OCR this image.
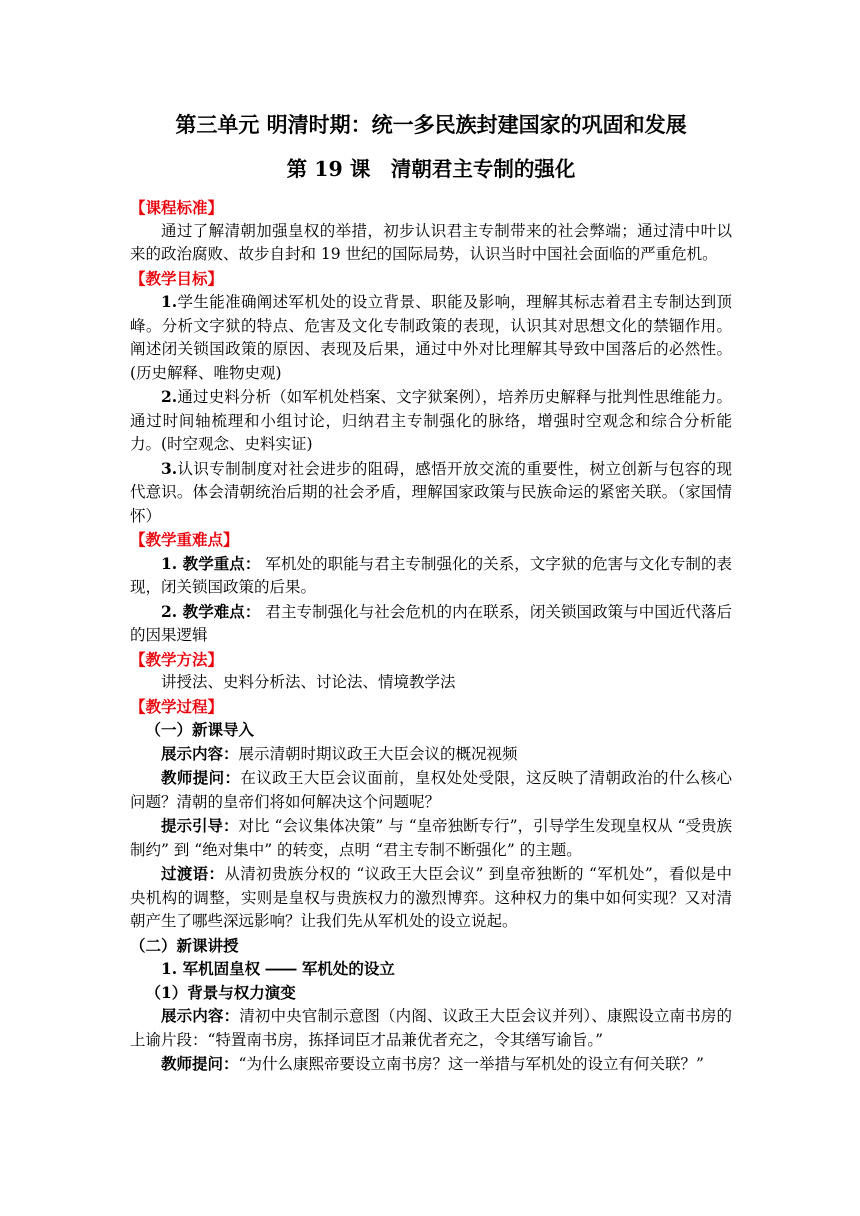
第三单元 明清时期：统一多民族封建国家的巩固和发展
第 19 课　清朝君主专制的强化

【课程标准】

通过了解清朝加强皇权的举措，初步认识君主专制带来的社会弊端；通过清中叶以来的政治腐败、故步自封和 19 世纪的国际局势，认识当时中国社会面临的严重危机。

【教学目标】

1.学生能准确阐述军机处的设立背景、职能及影响，理解其标志着君主专制达到顶峰。分析文字狱的特点、危害及文化专制政策的表现，认识其对思想文化的禁锢作用。阐述闭关锁国政策的原因、表现及后果，通过中外对比理解其导致中国落后的必然性。(历史解释、唯物史观)

2.通过史料分析（如军机处档案、文字狱案例），培养历史解释与批判性思维能力。通过时间轴梳理和小组讨论，归纳君主专制强化的脉络，增强时空观念和综合分析能力。(时空观念、史料实证)

3.认识专制制度对社会进步的阻碍，感悟开放交流的重要性，树立创新与包容的现代意识。体会清朝统治后期的社会矛盾，理解国家政策与民族命运的紧密关联。（家国情怀）

【教学重难点】

1. 教学重点： 军机处的职能与君主专制强化的关系，文字狱的危害与文化专制的表现，闭关锁国政策的后果。

2. 教学难点： 君主专制强化与社会危机的内在联系，闭关锁国政策与中国近代落后的因果逻辑

【教学方法】

讲授法、史料分析法、讨论法、情境教学法

【教学过程】

（一）新课导入

展示内容：展示清朝时期议政王大臣会议的概况视频

教师提问：在议政王大臣会议面前，皇权处处受限，这反映了清朝政治的什么核心问题？清朝的皇帝们将如何解决这个问题呢？

提示引导：对比 “会议集体决策” 与 “皇帝独断专行”，引导学生发现皇权从 “受贵族制约” 到 “绝对集中” 的转变，点明 “君主专制不断强化” 的主题。

过渡语：从清初贵族分权的 “议政王大臣会议” 到皇帝独断的 “军机处”，看似是中央机构的调整，实则是皇权与贵族权力的激烈博弈。这种权力的集中如何实现？又对清朝产生了哪些深远影响？让我们先从军机处的设立说起。

（二）新课讲授

1. 军机固皇权 ―― 军机处的设立

（1）背景与权力演变

展示内容：清初中央官制示意图（内阁、议政王大臣会议并列）、康熙设立南书房的上谕片段：“特置南书房，拣择词臣才品兼优者充之，令其缮写谕旨。”

教师提问：“为什么康熙帝要设立南书房？这一举措与军机处的设立有何关联？”
